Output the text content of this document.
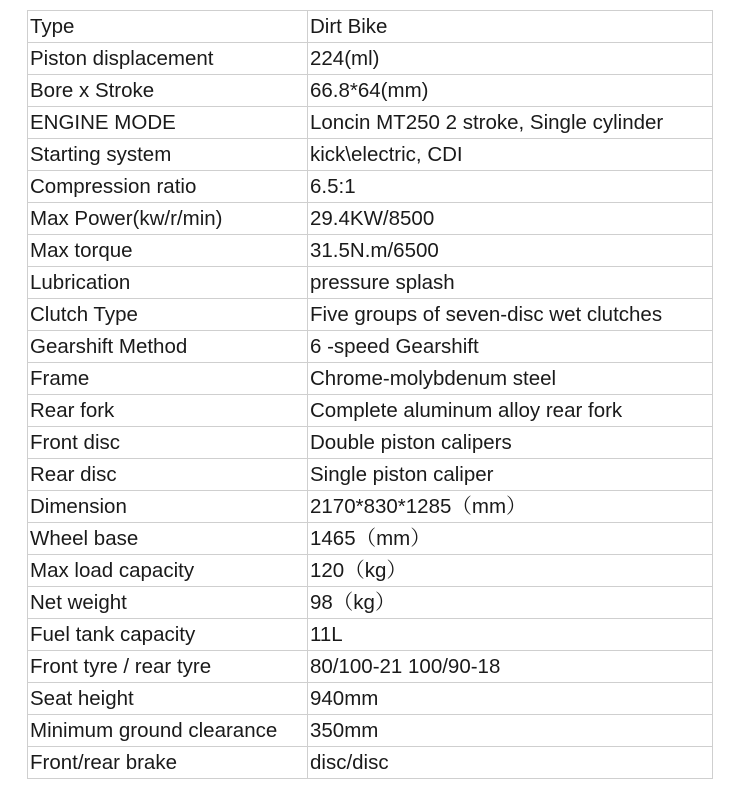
Type	Dirt Bike
Piston displacement	224(ml)
Bore x Stroke	66.8*64(mm)
ENGINE MODE	Loncin MT250 2 stroke, Single cylinder
Starting system	kick\electric, CDI
Compression ratio	6.5:1
Max Power(kw/r/min)	29.4KW/8500
Max torque	31.5N.m/6500
Lubrication	pressure splash
Clutch Type	Five groups of seven-disc wet clutches
Gearshift Method	6 -speed Gearshift
Frame	Chrome-molybdenum steel
Rear fork	Complete aluminum alloy rear fork
Front disc	Double piston calipers
Rear disc	Single piston caliper
Dimension	2170*830*1285（mm）
Wheel base	1465（mm）
Max load capacity	120（kg）
Net weight	98（kg）
Fuel tank capacity	11L
Front tyre / rear tyre	80/100-21 100/90-18
Seat height	940mm
Minimum ground clearance	350mm
Front/rear brake	disc/disc
